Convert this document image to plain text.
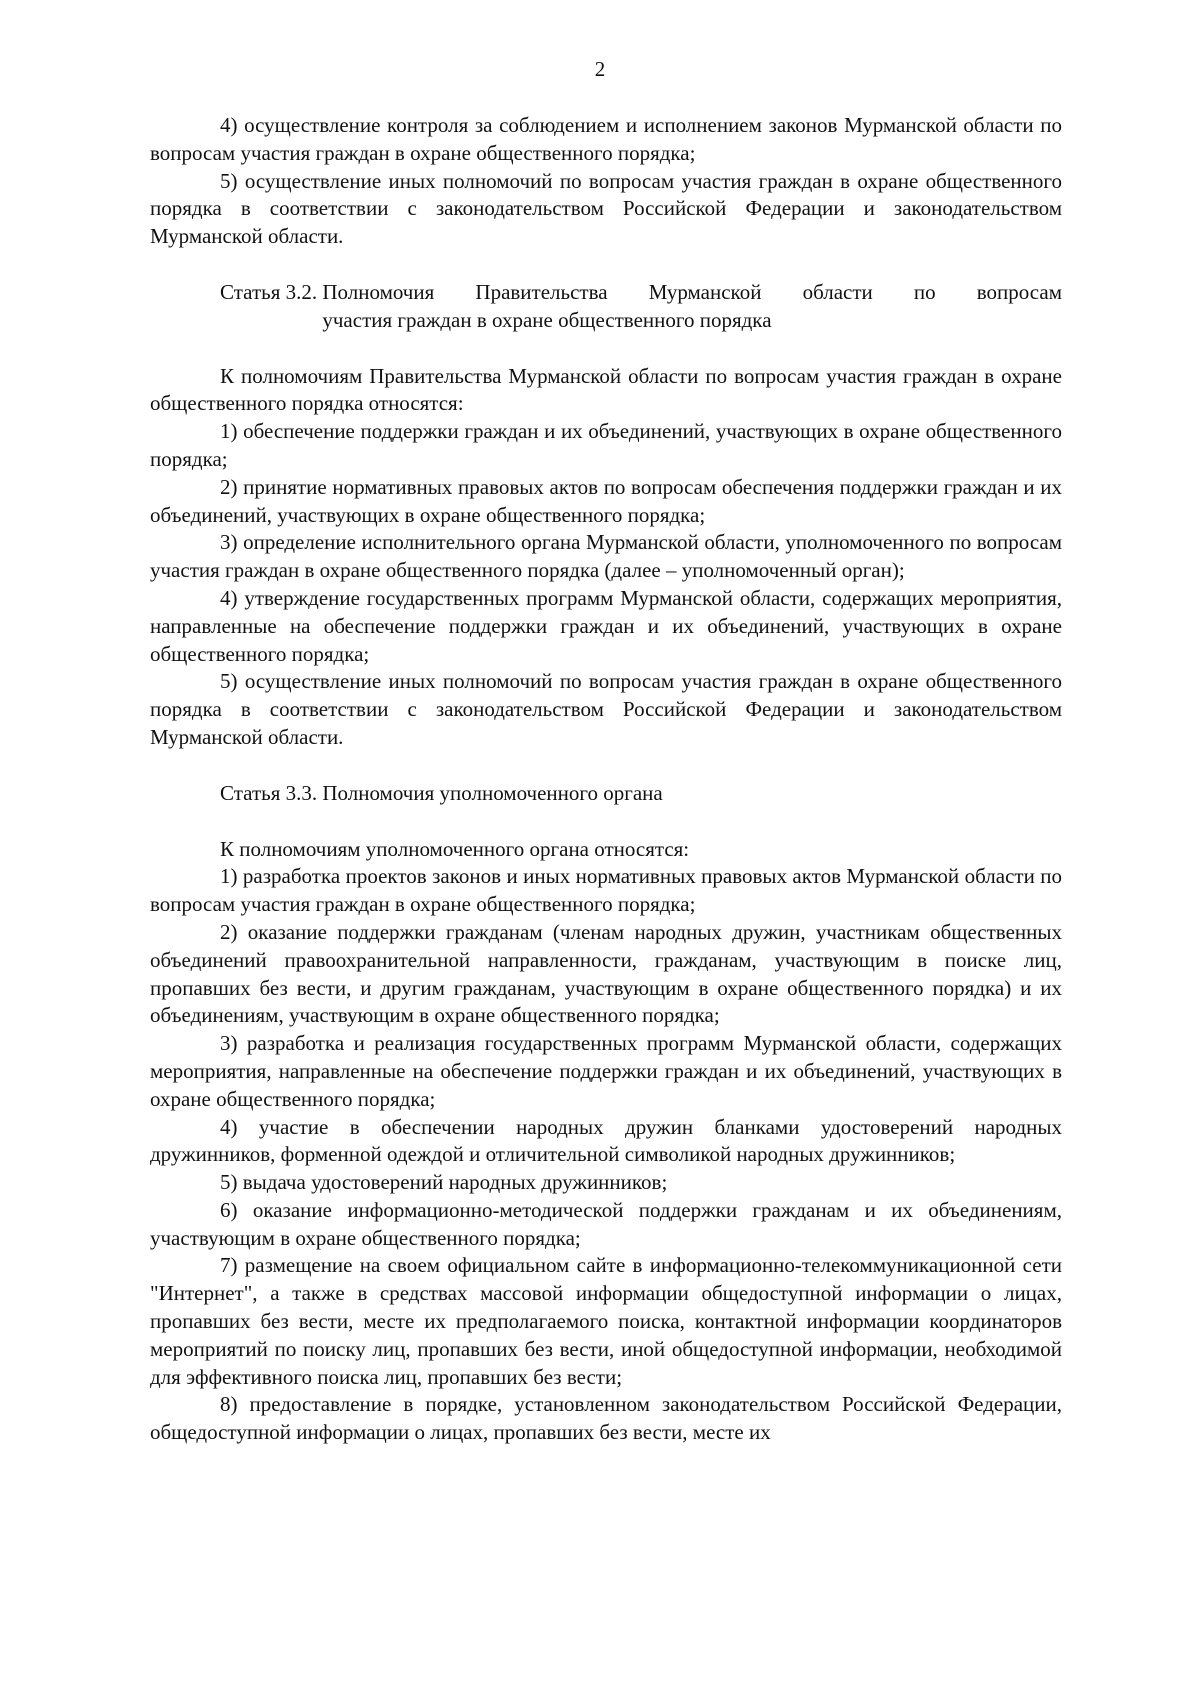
2

4) осуществление контроля за соблюдением и исполнением законов Мурманской области по вопросам участия граждан в охране общественного порядка;

5) осуществление иных полномочий по вопросам участия граждан в охране общественного порядка в соответствии с законодательством Российской Федерации и законодательством Мурманской области.

Статья 3.2. Полномочия Правительства Мурманской области по вопросам
участия граждан в охране общественного порядка

К полномочиям Правительства Мурманской области по вопросам участия граждан в охране общественного порядка относятся:

1) обеспечение поддержки граждан и их объединений, участвующих в охране общественного порядка;

2) принятие нормативных правовых актов по вопросам обеспечения поддержки граждан и их объединений, участвующих в охране общественного порядка;

3) определение исполнительного органа Мурманской области, уполномоченного по вопросам участия граждан в охране общественного порядка (далее – уполномоченный орган);

4) утверждение государственных программ Мурманской области, содержащих мероприятия, направленные на обеспечение поддержки граждан и их объединений, участвующих в охране общественного порядка;

5) осуществление иных полномочий по вопросам участия граждан в охране общественного порядка в соответствии с законодательством Российской Федерации и законодательством Мурманской области.

Статья 3.3. Полномочия уполномоченного органа

К полномочиям уполномоченного органа относятся:

1) разработка проектов законов и иных нормативных правовых актов Мурманской области по вопросам участия граждан в охране общественного порядка;

2) оказание поддержки гражданам (членам народных дружин, участникам общественных объединений правоохранительной направленности, гражданам, участвующим в поиске лиц, пропавших без вести, и другим гражданам, участвующим в охране общественного порядка) и их объединениям, участвующим в охране общественного порядка;

3) разработка и реализация государственных программ Мурманской области, содержащих мероприятия, направленные на обеспечение поддержки граждан и их объединений, участвующих в охране общественного порядка;

4) участие в обеспечении народных дружин бланками удостоверений народных дружинников, форменной одеждой и отличительной символикой народных дружинников;

5) выдача удостоверений народных дружинников;

6) оказание информационно-методической поддержки гражданам и их объединениям, участвующим в охране общественного порядка;

7) размещение на своем официальном сайте в информационно-телекоммуникационной сети "Интернет", а также в средствах массовой информации общедоступной информации о лицах, пропавших без вести, месте их предполагаемого поиска, контактной информации координаторов мероприятий по поиску лиц, пропавших без вести, иной общедоступной информации, необходимой для эффективного поиска лиц, пропавших без вести;

8) предоставление в порядке, установленном законодательством Российской Федерации, общедоступной информации о лицах, пропавших без вести, месте их
